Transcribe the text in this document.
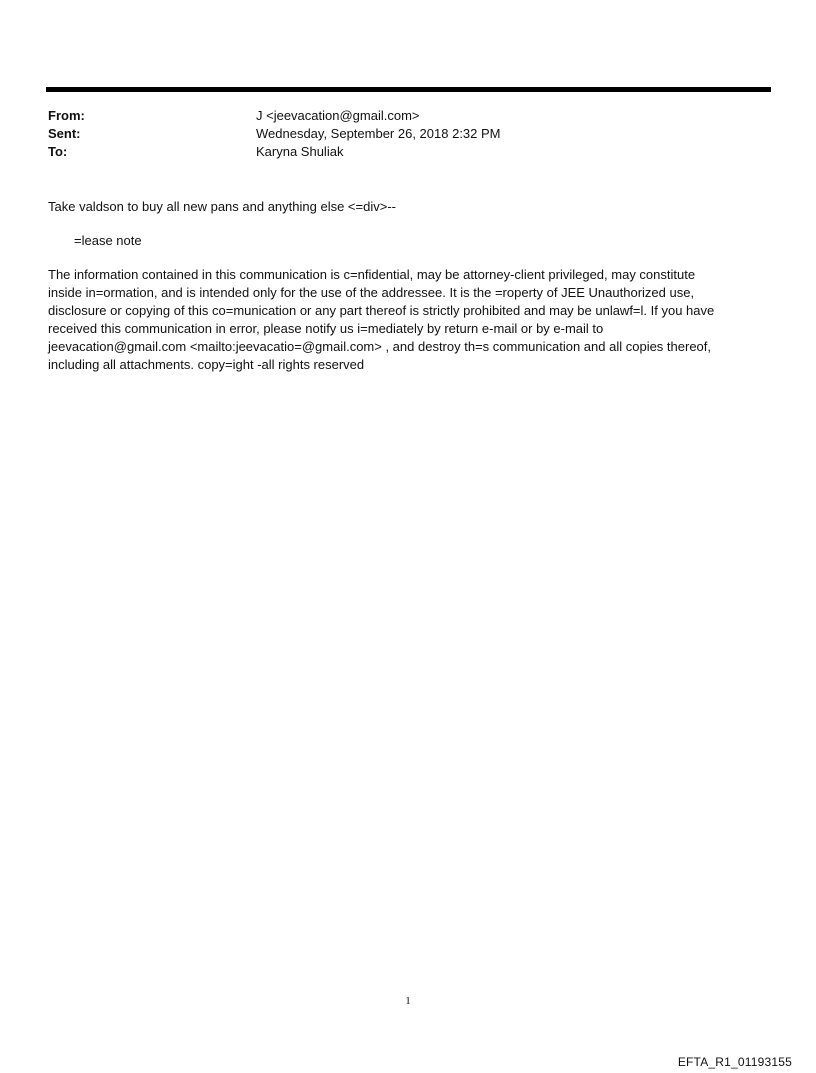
From:	J <jeevacation@gmail.com>
Sent:	Wednesday, September 26, 2018 2:32 PM
To:	Karyna Shuliak
Take valdson to buy all new pans and anything else <=div>--
=lease note
The information contained in this communication is c=nfidential, may be attorney-client privileged, may constitute
inside in=ormation, and is intended only for the use of the addressee. It is the =roperty of JEE Unauthorized use,
disclosure or copying of this co=munication or any part thereof is strictly prohibited and may be unlawf=l. If you have
received this communication in error, please notify us i=mediately by return e-mail or by e-mail to
jeevacation@gmail.com <mailto:jeevacatio=@gmail.com> , and destroy th=s communication and all copies thereof,
including all attachments. copy=ight -all rights reserved
1
EFTA_R1_01193155
